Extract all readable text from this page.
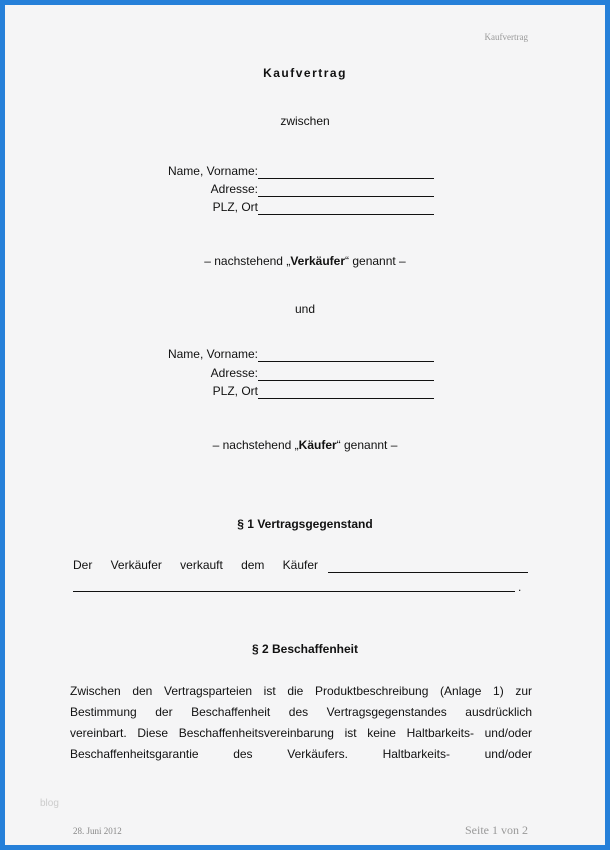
Kaufvertrag
Kaufvertrag
zwischen
Name, Vorname:
Adresse:
PLZ, Ort
– nachstehend „Verkäufer“ genannt –
und
Name, Vorname:
Adresse:
PLZ, Ort
– nachstehend „Käufer“ genannt –
§ 1 Vertragsgegenstand
Der Verkäufer verkauft dem Käufer
.
§ 2 Beschaffenheit
Zwischen den Vertragsparteien ist die Produktbeschreibung (Anlage 1) zur
Bestimmung der Beschaffenheit des Vertragsgegenstandes ausdrücklich
vereinbart. Diese Beschaffenheitsvereinbarung ist keine Haltbarkeits- und/oder
Beschaffenheitsgarantie des Verkäufers. Haltbarkeits- und/oder
blog
28. Juni 2012	Seite 1 von 2
